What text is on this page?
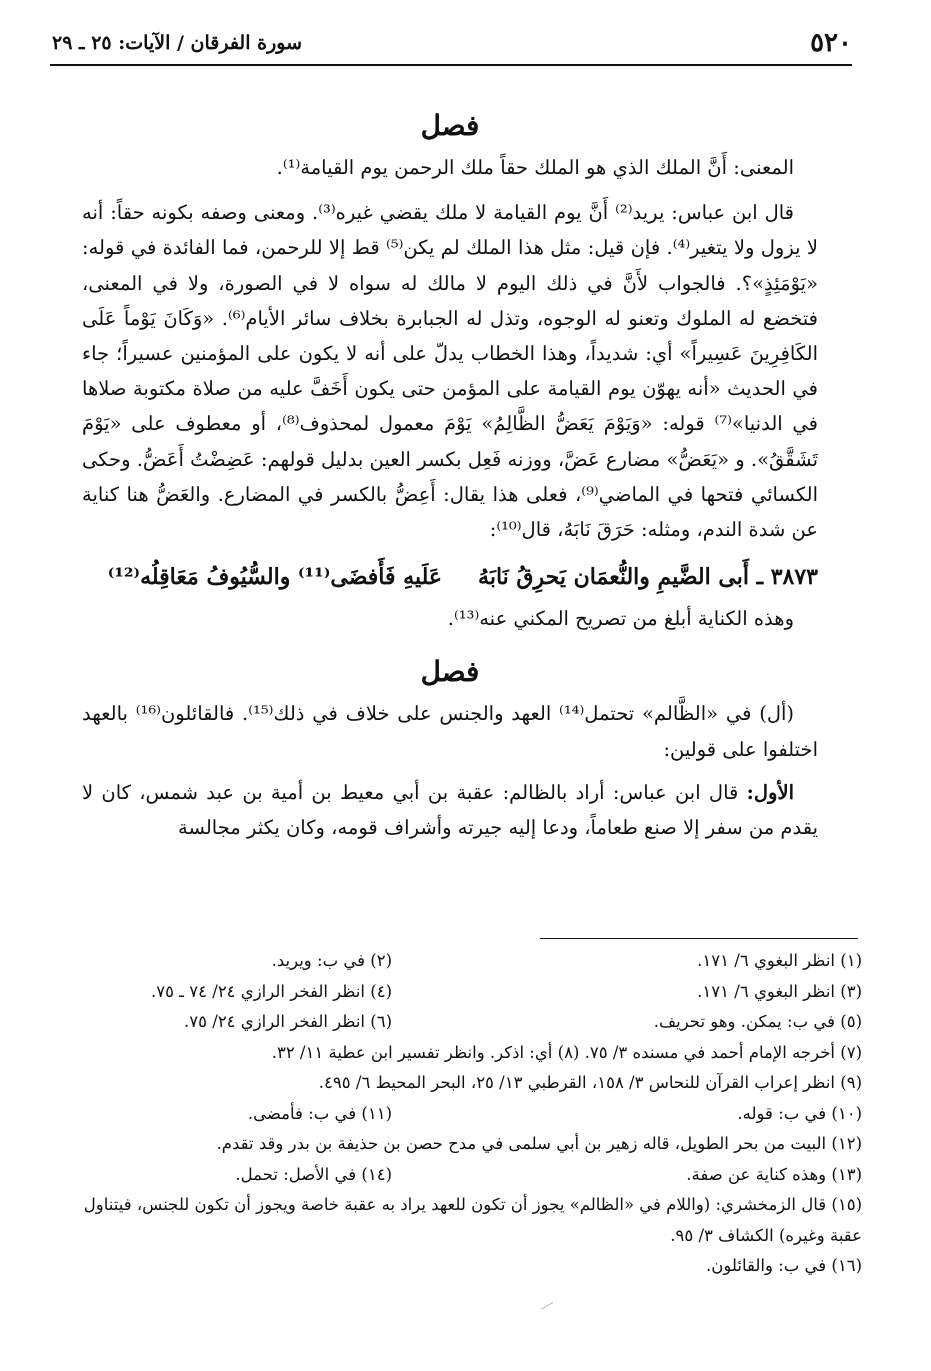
٥٢٠
سورة الفرقان / الآيات: ٢٥ ـ ٢٩
فصل

المعنى: أَنَّ الملك الذي هو الملك حقاً ملك الرحمن يوم القيامة⁽¹⁾.

قال ابن عباس: يريد⁽²⁾ أَنَّ يوم القيامة لا ملك يقضي غيره⁽³⁾. ومعنى وصفه بكونه حقاً: أنه لا يزول ولا يتغير⁽⁴⁾. فإن قيل: مثل هذا الملك لم يكن⁽⁵⁾ قط إلا للرحمن، فما الفائدة في قوله: «يَوْمَئِذٍ»؟. فالجواب لأَنَّ في ذلك اليوم لا مالك له سواه لا في الصورة، ولا في المعنى، فتخضع له الملوك وتعنو له الوجوه، وتذل له الجبابرة بخلاف سائر الأيام⁽⁶⁾. «وَكَانَ يَوْماً عَلَى الكَافِرِينَ عَسِيراً» أي: شديداً، وهذا الخطاب يدلّ على أنه لا يكون على المؤمنين عسيراً؛ جاء في الحديث «أنه يهوّن يوم القيامة على المؤمن حتى يكون أَخَفَّ عليه من صلاة مكتوبة صلاها في الدنيا»⁽⁷⁾ قوله: «وَيَوْمَ يَعَضُّ الظَّالِمُ» يَوْمَ معمول لمحذوف⁽⁸⁾، أو معطوف على «يَوْمَ تَشَقَّقُ». و «يَعَضُّ» مضارع عَضَّ، ووزنه فَعِل بكسر العين بدليل قولهم: عَضِضْتُ أَعَضُّ. وحكى الكسائي فتحها في الماضي⁽⁹⁾، فعلى هذا يقال: أَعِضُّ بالكسر في المضارع. والعَضُّ هنا كناية عن شدة الندم، ومثله: حَرَقَ نَابَهُ، قال⁽¹⁰⁾:

٣٨٧٣ ـ أَبى الضَّيمِ والنُّعمَان يَحرِقُ نَابَهُعَلَيهِ فَأَفضَى⁽¹¹⁾ والسُّيُوفُ مَعَاقِلُه⁽¹²⁾

وهذه الكناية أبلغ من تصريح المكني عنه⁽¹³⁾.

فصل

(أل) في «الظَّالم» تحتمل⁽¹⁴⁾ العهد والجنس على خلاف في ذلك⁽¹⁵⁾. فالقائلون⁽¹⁶⁾ بالعهد اختلفوا على قولين:

الأول: قال ابن عباس: أراد بالظالم: عقبة بن أبي معيط بن أمية بن عبد شمس، كان لا يقدم من سفر إلا صنع طعاماً، ودعا إليه جيرته وأشراف قومه، وكان يكثر مجالسة

(١) انظر البغوي ٦/ ١٧١.(٢) في ب: ويريد.
(٣) انظر البغوي ٦/ ١٧١.(٤) انظر الفخر الرازي ٢٤/ ٧٤ ـ ٧٥.
(٥) في ب: يمكن. وهو تحريف.(٦) انظر الفخر الرازي ٢٤/ ٧٥.
(٧) أخرجه الإمام أحمد في مسنده ٣/ ٧٥. (٨) أي: اذكر. وانظر تفسير ابن عطية ١١/ ٣٢.
(٩) انظر إعراب القرآن للنحاس ٣/ ١٥٨، القرطبي ١٣/ ٢٥، البحر المحيط ٦/ ٤٩٥.
(١٠) في ب: قوله.(١١) في ب: فأمضى.
(١٢) البيت من بحر الطويل، قاله زهير بن أبي سلمى في مدح حصن بن حذيفة بن بدر وقد تقدم.
(١٣) وهذه كناية عن صفة.(١٤) في الأصل: تحمل.
(١٥) قال الزمخشري: (واللام في «الظالم» يجوز أن تكون للعهد يراد به عقبة خاصة ويجوز أن تكون للجنس، فيتناول عقبة وغيره) الكشاف ٣/ ٩٥.
(١٦) في ب: والقائلون.
